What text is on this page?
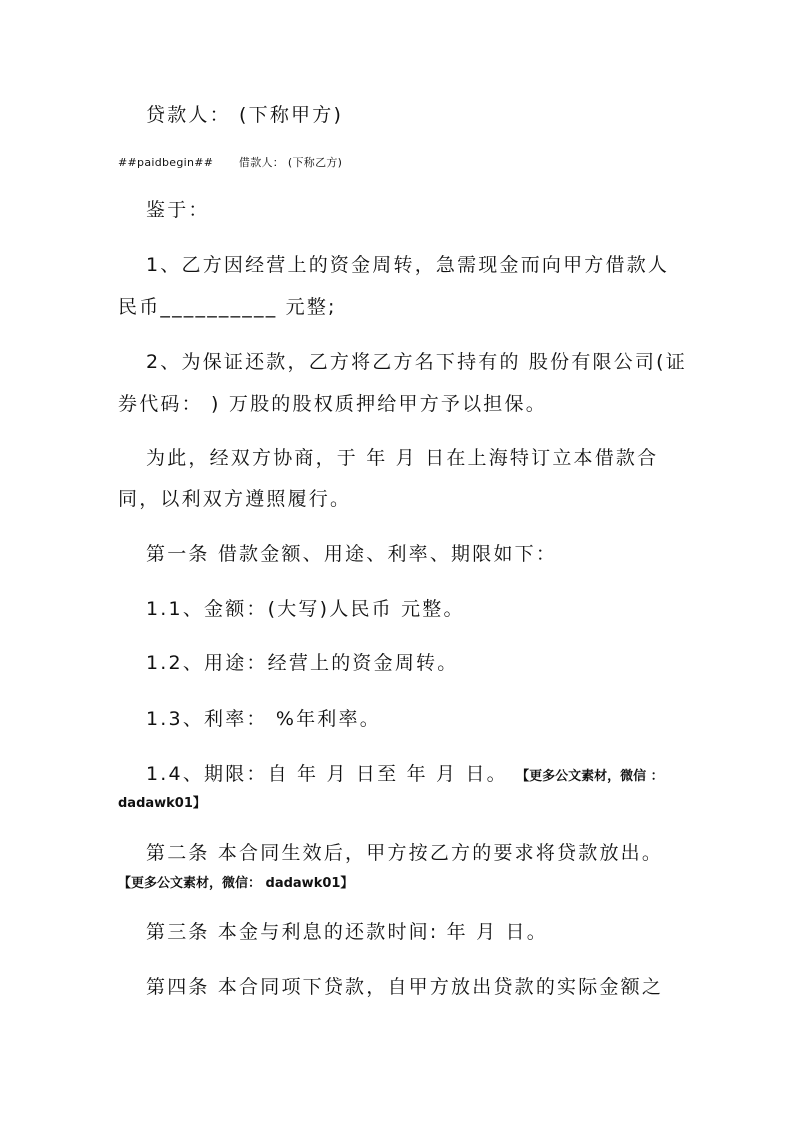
贷款人： (下称甲方)
##paidbegin## 借款人： (下称乙方)
鉴于：
1、乙方因经营上的资金周转，急需现金而向甲方借款人
民币__________ 元整;
2、为保证还款，乙方将乙方名下持有的 股份有限公司(证
券代码： ) 万股的股权质押给甲方予以担保。
为此，经双方协商，于 年 月 日在上海特订立本借款合
同，以利双方遵照履行。
第一条 借款金额、用途、利率、期限如下：
1.1、金额：(大写)人民币 元整。
1.2、用途：经营上的资金周转。
1.3、利率： %年利率。
1.4、期限：自 年 月 日至 年 月 日。 【更多公文素材，微信 ：
dadawk01】
第二条 本合同生效后，甲方按乙方的要求将贷款放出。
【更多公文素材，微信： dadawk01】
第三条 本金与利息的还款时间: 年 月 日。
第四条 本合同项下贷款，自甲方放出贷款的实际金额之
